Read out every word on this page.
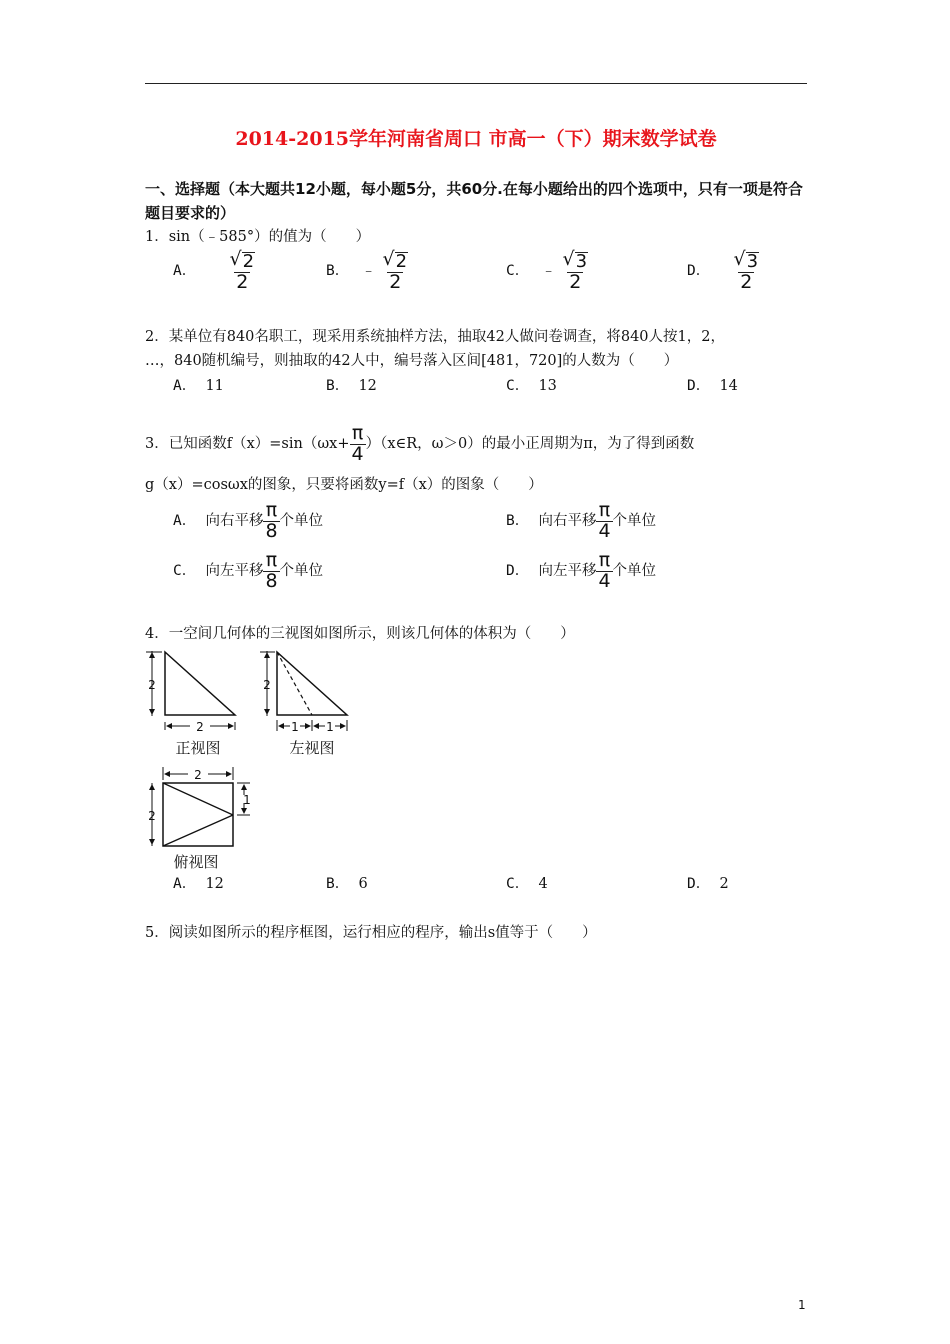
2014-2015学年河南省周口 市高一（下）期末数学试卷
一、选择题（本大题共12小题，每小题5分，共60分.在每小题给出的四个选项中，只有一项是符合题目要求的）
1．sin（﹣585°）的值为（　　）
A． $\frac{√ 2}{2}$	B． ﹣ $\frac{√ 2}{2}$	C． ﹣ $\frac{√ 3}{2}$	D． $\frac{√ 3}{2}$
2．某单位有840名职工，现采用系统抽样方法，抽取42人做问卷调查，将840人按1，2，
…，840随机编号，则抽取的42人中，编号落入区间[481，720]的人数为（　　）
A． 11	B． 12	C． 13	D． 14
3．已知函数$f(x)=\sin(\omega x+ \frac{\pi}{4}$ ）（x∈R，ω＞0）的最小正周期为π，为了得到函数
g（x）=cosωx的图象，只要将函数y=f（x）的图象（　　）
A． 向右平移 $\frac{\pi}{8}$ 个单位	B． 向右平移 $\frac{\pi}{4}$ 个单位
C． 向左平移 $\frac{\pi}{8}$ 个单位	D． 向左平移 $\frac{\pi}{4}$ 个单位
4．一空间几何体的三视图如图所示，则该几何体的体积为（　　）
2
2
正视图
2
1 1
左视图
2
2
1
俯视图
A． 12	B． 6	C． 4	D． 2
5．阅读如图所示的程序框图，运行相应的程序，输出s值等于（　　）
1
